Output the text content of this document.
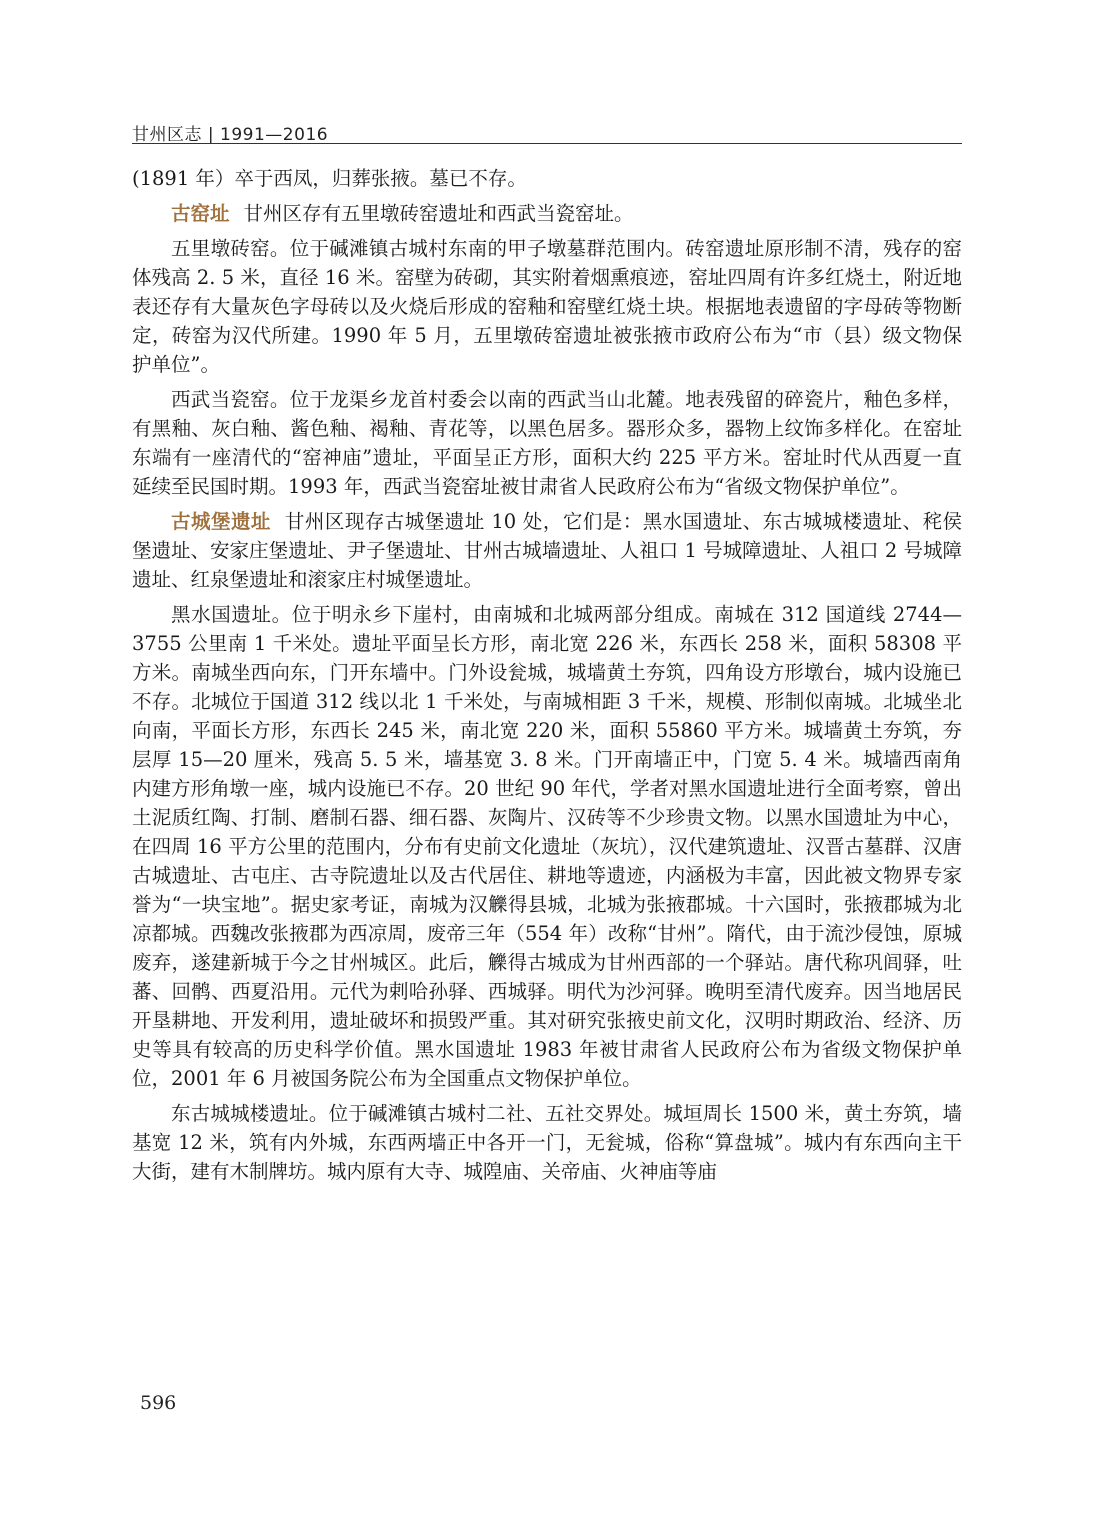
甘州区志 | 1991—2016

(1891 年）卒于西凤，归葬张掖。墓已不存。

古窑址 甘州区存有五里墩砖窑遗址和西武当瓷窑址。

五里墩砖窑。位于碱滩镇古城村东南的甲子墩墓群范围内。砖窑遗址原形制不清，残存的窑体残高 2. 5 米，直径 16 米。窑壁为砖砌，其实附着烟熏痕迹，窑址四周有许多红烧土，附近地表还存有大量灰色字母砖以及火烧后形成的窑釉和窑壁红烧土块。根据地表遗留的字母砖等物断定，砖窑为汉代所建。1990 年 5 月，五里墩砖窑遗址被张掖市政府公布为“市（县）级文物保护单位”。

西武当瓷窑。位于龙渠乡龙首村委会以南的西武当山北麓。地表残留的碎瓷片，釉色多样，有黑釉、灰白釉、酱色釉、褐釉、青花等，以黑色居多。器形众多，器物上纹饰多样化。在窑址东端有一座清代的“窑神庙”遗址，平面呈正方形，面积大约 225 平方米。窑址时代从西夏一直延续至民国时期。1993 年，西武当瓷窑址被甘肃省人民政府公布为“省级文物保护单位”。

古城堡遗址 甘州区现存古城堡遗址 10 处，它们是：黑水国遗址、东古城城楼遗址、秺侯堡遗址、安家庄堡遗址、尹子堡遗址、甘州古城墙遗址、人祖口 1 号城障遗址、人祖口 2 号城障遗址、红泉堡遗址和滚家庄村城堡遗址。

黑水国遗址。位于明永乡下崖村，由南城和北城两部分组成。南城在 312 国道线 2744—3755 公里南 1 千米处。遗址平面呈长方形，南北宽 226 米，东西长 258 米，面积 58308 平方米。南城坐西向东，门开东墙中。门外设瓮城，城墙黄土夯筑，四角设方形墩台，城内设施已不存。北城位于国道 312 线以北 1 千米处，与南城相距 3 千米，规模、形制似南城。北城坐北向南，平面长方形，东西长 245 米，南北宽 220 米，面积 55860 平方米。城墙黄土夯筑，夯层厚 15—20 厘米，残高 5. 5 米，墙基宽 3. 8 米。门开南墙正中，门宽 5. 4 米。城墙西南角内建方形角墩一座，城内设施已不存。20 世纪 90 年代，学者对黑水国遗址进行全面考察，曾出土泥质红陶、打制、磨制石器、细石器、灰陶片、汉砖等不少珍贵文物。以黑水国遗址为中心，在四周 16 平方公里的范围内，分布有史前文化遗址（灰坑），汉代建筑遗址、汉晋古墓群、汉唐古城遗址、古屯庄、古寺院遗址以及古代居住、耕地等遗迹，内涵极为丰富，因此被文物界专家誉为“一块宝地”。据史家考证，南城为汉觻得县城，北城为张掖郡城。十六国时，张掖郡城为北凉都城。西魏改张掖郡为西凉周，废帝三年（554 年）改称“甘州”。隋代，由于流沙侵蚀，原城废弃，遂建新城于今之甘州城区。此后，觻得古城成为甘州西部的一个驿站。唐代称巩闾驿，吐蕃、回鹘、西夏沿用。元代为剌哈孙驿、西城驿。明代为沙河驿。晚明至清代废弃。因当地居民开垦耕地、开发利用，遗址破坏和损毁严重。其对研究张掖史前文化，汉明时期政治、经济、历史等具有较高的历史科学价值。黑水国遗址 1983 年被甘肃省人民政府公布为省级文物保护单位，2001 年 6 月被国务院公布为全国重点文物保护单位。

东古城城楼遗址。位于碱滩镇古城村二社、五社交界处。城垣周长 1500 米，黄土夯筑，墙基宽 12 米，筑有内外城，东西两墙正中各开一门，无瓮城，俗称“算盘城”。城内有东西向主干大街，建有木制牌坊。城内原有大寺、城隍庙、关帝庙、火神庙等庙

596
